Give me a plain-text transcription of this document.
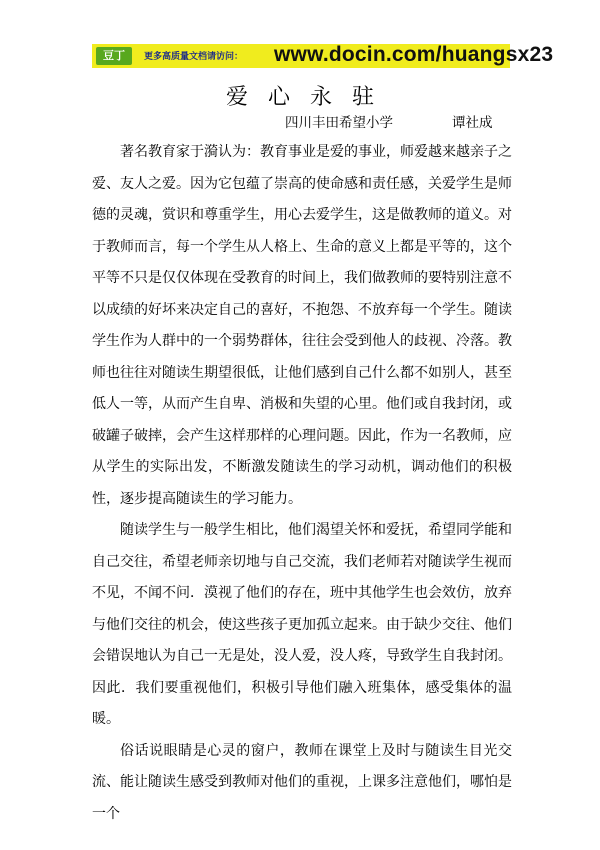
豆丁	更多高质量文档请访问： www.docin.com/huangsx23
爱心永驻
四川丰田希望小学	谭社成

著名教育家于漪认为：教育事业是爱的事业，师爱越来越亲子之爱、友人之爱。因为它包蕴了崇高的使命感和责任感，关爱学生是师德的灵魂，赏识和尊重学生，用心去爱学生，这是做教师的道义。对于教师而言，每一个学生从人格上、生命的意义上都是平等的，这个平等不只是仅仅体现在受教育的时间上，我们做教师的要特别注意不以成绩的好坏来决定自己的喜好，不抱怨、不放弃每一个学生。随读学生作为人群中的一个弱势群体，往往会受到他人的歧视、冷落。教师也往往对随读生期望很低，让他们感到自己什么都不如别人，甚至低人一等，从而产生自卑、消极和失望的心里。他们或自我封闭，或破罐子破摔，会产生这样那样的心理问题。因此，作为一名教师，应从学生的实际出发，不断激发随读生的学习动机，调动他们的积极性，逐步提高随读生的学习能力。

随读学生与一般学生相比，他们渴望关怀和爱抚，希望同学能和自己交往，希望老师亲切地与自己交流，我们老师若对随读学生视而不见，不闻不问．漠视了他们的存在，班中其他学生也会效仿，放弃与他们交往的机会，使这些孩子更加孤立起来。由于缺少交往、他们会错误地认为自己一无是处，没人爱，没人疼，导致学生自我封闭。因此．我们要重视他们，积极引导他们融入班集体，感受集体的温暖。

俗话说眼睛是心灵的窗户，教师在课堂上及时与随读生目光交流、能让随读生感受到教师对他们的重视，上课多注意他们，哪怕是一个
